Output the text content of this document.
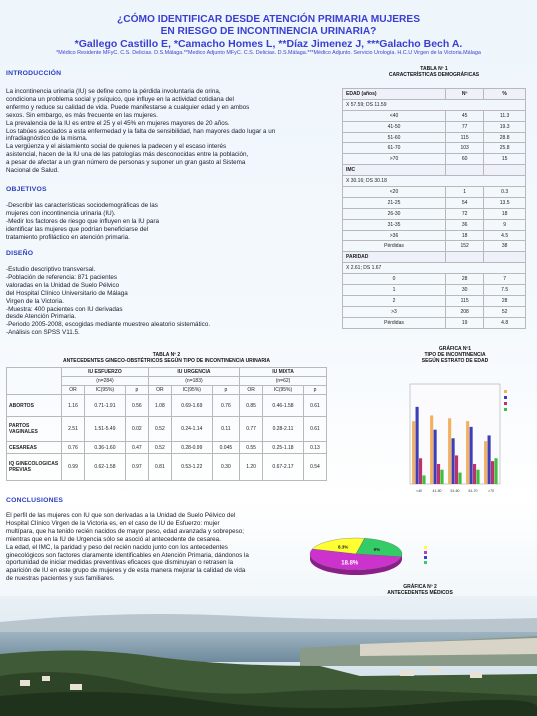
¿CÓMO IDENTIFICAR DESDE ATENCIÓN PRIMARIA MUJERES
EN RIESGO DE INCONTINENCIA URINARIA?
*Gallego Castillo E, *Camacho Homes L, **Díaz Jimenez J, ***Galacho Bech A.
*Médico Residente MFyC. C.S. Delicias. D.S.Málaga.**Medico Adjunto MFyC. C.S. Delicias. D.S.Málaga.***Médico Adjunto. Servicio Urología. H.C.U Virgen de la Victoria.Málaga
INTRODUCCIÓN

La incontinencia urinaria (IU) se define como la pérdida involuntaria de orina,

condiciona un problema social y psíquico, que influye en la actividad cotidiana del

enfermo y reduce su calidad de vida. Puede manifestarse a cualquier edad y en ambos

sexos. Sin embargo, es más frecuente en las mujeres.

La prevalencia de la IU es entre el 25 y el 45% en mujeres mayores de 20 años.

Los tabúes asociados a esta enfermedad y la falta de sensibilidad, han mayores dado lugar a un

infradiagnóstico de la misma.

La vergüenza y el aislamiento social de quienes la padecen y el escaso interés

asistencial, hacen de la IU una de las patologías más desconocidas entre la población,

a pesar de afectar a un gran número de personas y suponer un gran gasto al Sistema

Nacional de Salud.

OBJETIVOS

-Describir las características sociodemográficas de las

mujeres con incontinencia urinaria (IU).

-Medir los factores de riesgo que influyen en la IU para

identificar las mujeres que podrían beneficiarse del

tratamiento profiláctico en atención primaria.

DISEÑO

-Estudio descriptivo transversal.

-Población de referencia: 871 pacientes

valoradas en la Unidad de Suelo Pélvico

del Hospital Clínico Universitario de Málaga

Virgen de la Victoria.

-Muestra: 400 pacientes con IU derivadas

desde Atención Primaria.

-Periodo 2005-2008, escogidas mediante muestreo aleatorio sistemático.

-Análisis con SPSS V11.5.

TABLA Nº 1
CARACTERÍSTICAS DEMOGRÁFICAS
EDAD (años)	Nº	%
X 57.59; DS 11.59		
<40	45	11.3
41-50	77	19.3
51-60	115	28.8
61-70	103	25.8
>70	60	15
IMC		
X 30.16; DS 30.18		
<20	1	0.3
21-25	54	13.5
26-30	72	18
31-35	36	9
>36	18	4.5
Pérdidas	152	38
PARIDAD		
X 2.61; DS 1.67		
0	28	7
1	30	7.5
2	115	28
>3	208	52
Pérdidas	19	4.8
TABLA Nº 2
ANTECEDENTES GINECO-OBSTÉTRICOS SEGÚN TIPO DE INCONTINENCIA URINARIA
	IU ESFUERZO			IU URGENCIA			IU MIXTA		
	(n=284)			(n=183)			(n=62)		
	OR	IC(95%)	p	OR	IC(95%)	p	OR	IC(95%)	p
ABORTOS	1.16	0.71-1.91	0.56	1.08	0.69-1.69	0.76	0.85	0.46-1.58	0.61
PARTOS VAGINALES	2.51	1.51-5.49	0.02	0.52	0.24-1.14	0.11	0.77	0.28-2.11	0.61
CESAREAS	0.76	0.36-1.60	0.47	0.52	0.28-0.99	0.045	0.55	0.25-1.18	0.13
IQ GINECOLOGICAS PREVIAS	0.99	0.62-1.58	0.97	0.81	0.53-1.22	0.30	1.20	0.67-2.17	0.54
GRÁFICA Nº1
TIPO DE INCONTINENCIA
SEGÚN ESTRATO DE EDAD
<40	41-50	51-60	61-70	>70
CONCLUSIONES

El perfil de las mujeres con IU que son derivadas a la Unidad de Suelo Pélvico del

Hospital Clínico Virgen de la Victoria es, en el caso de IU de Esfuerzo: mujer

multípara, que ha tenido recién nacidos de mayor peso, edad avanzada y sobrepeso;

mientras que en la IU de Urgencia sólo se asoció al antecedente de cesarea.

La edad, el IMC, la paridad y peso del recién nacido junto con los antecedentes

ginecológicos son factores claramente identificables en Atención Primaria, dándonos la

oportunidad de iniciar medidas preventivas eficaces que disminuyan o retrasen la

aparición de IU en este grupo de mujeres y de esta manera mejorar la calidad de vida

de nuestras pacientes y sus familiares.

8.3%
9%
18.8%
GRÁFICA Nº 2
ANTECEDENTES MÉDICOS
